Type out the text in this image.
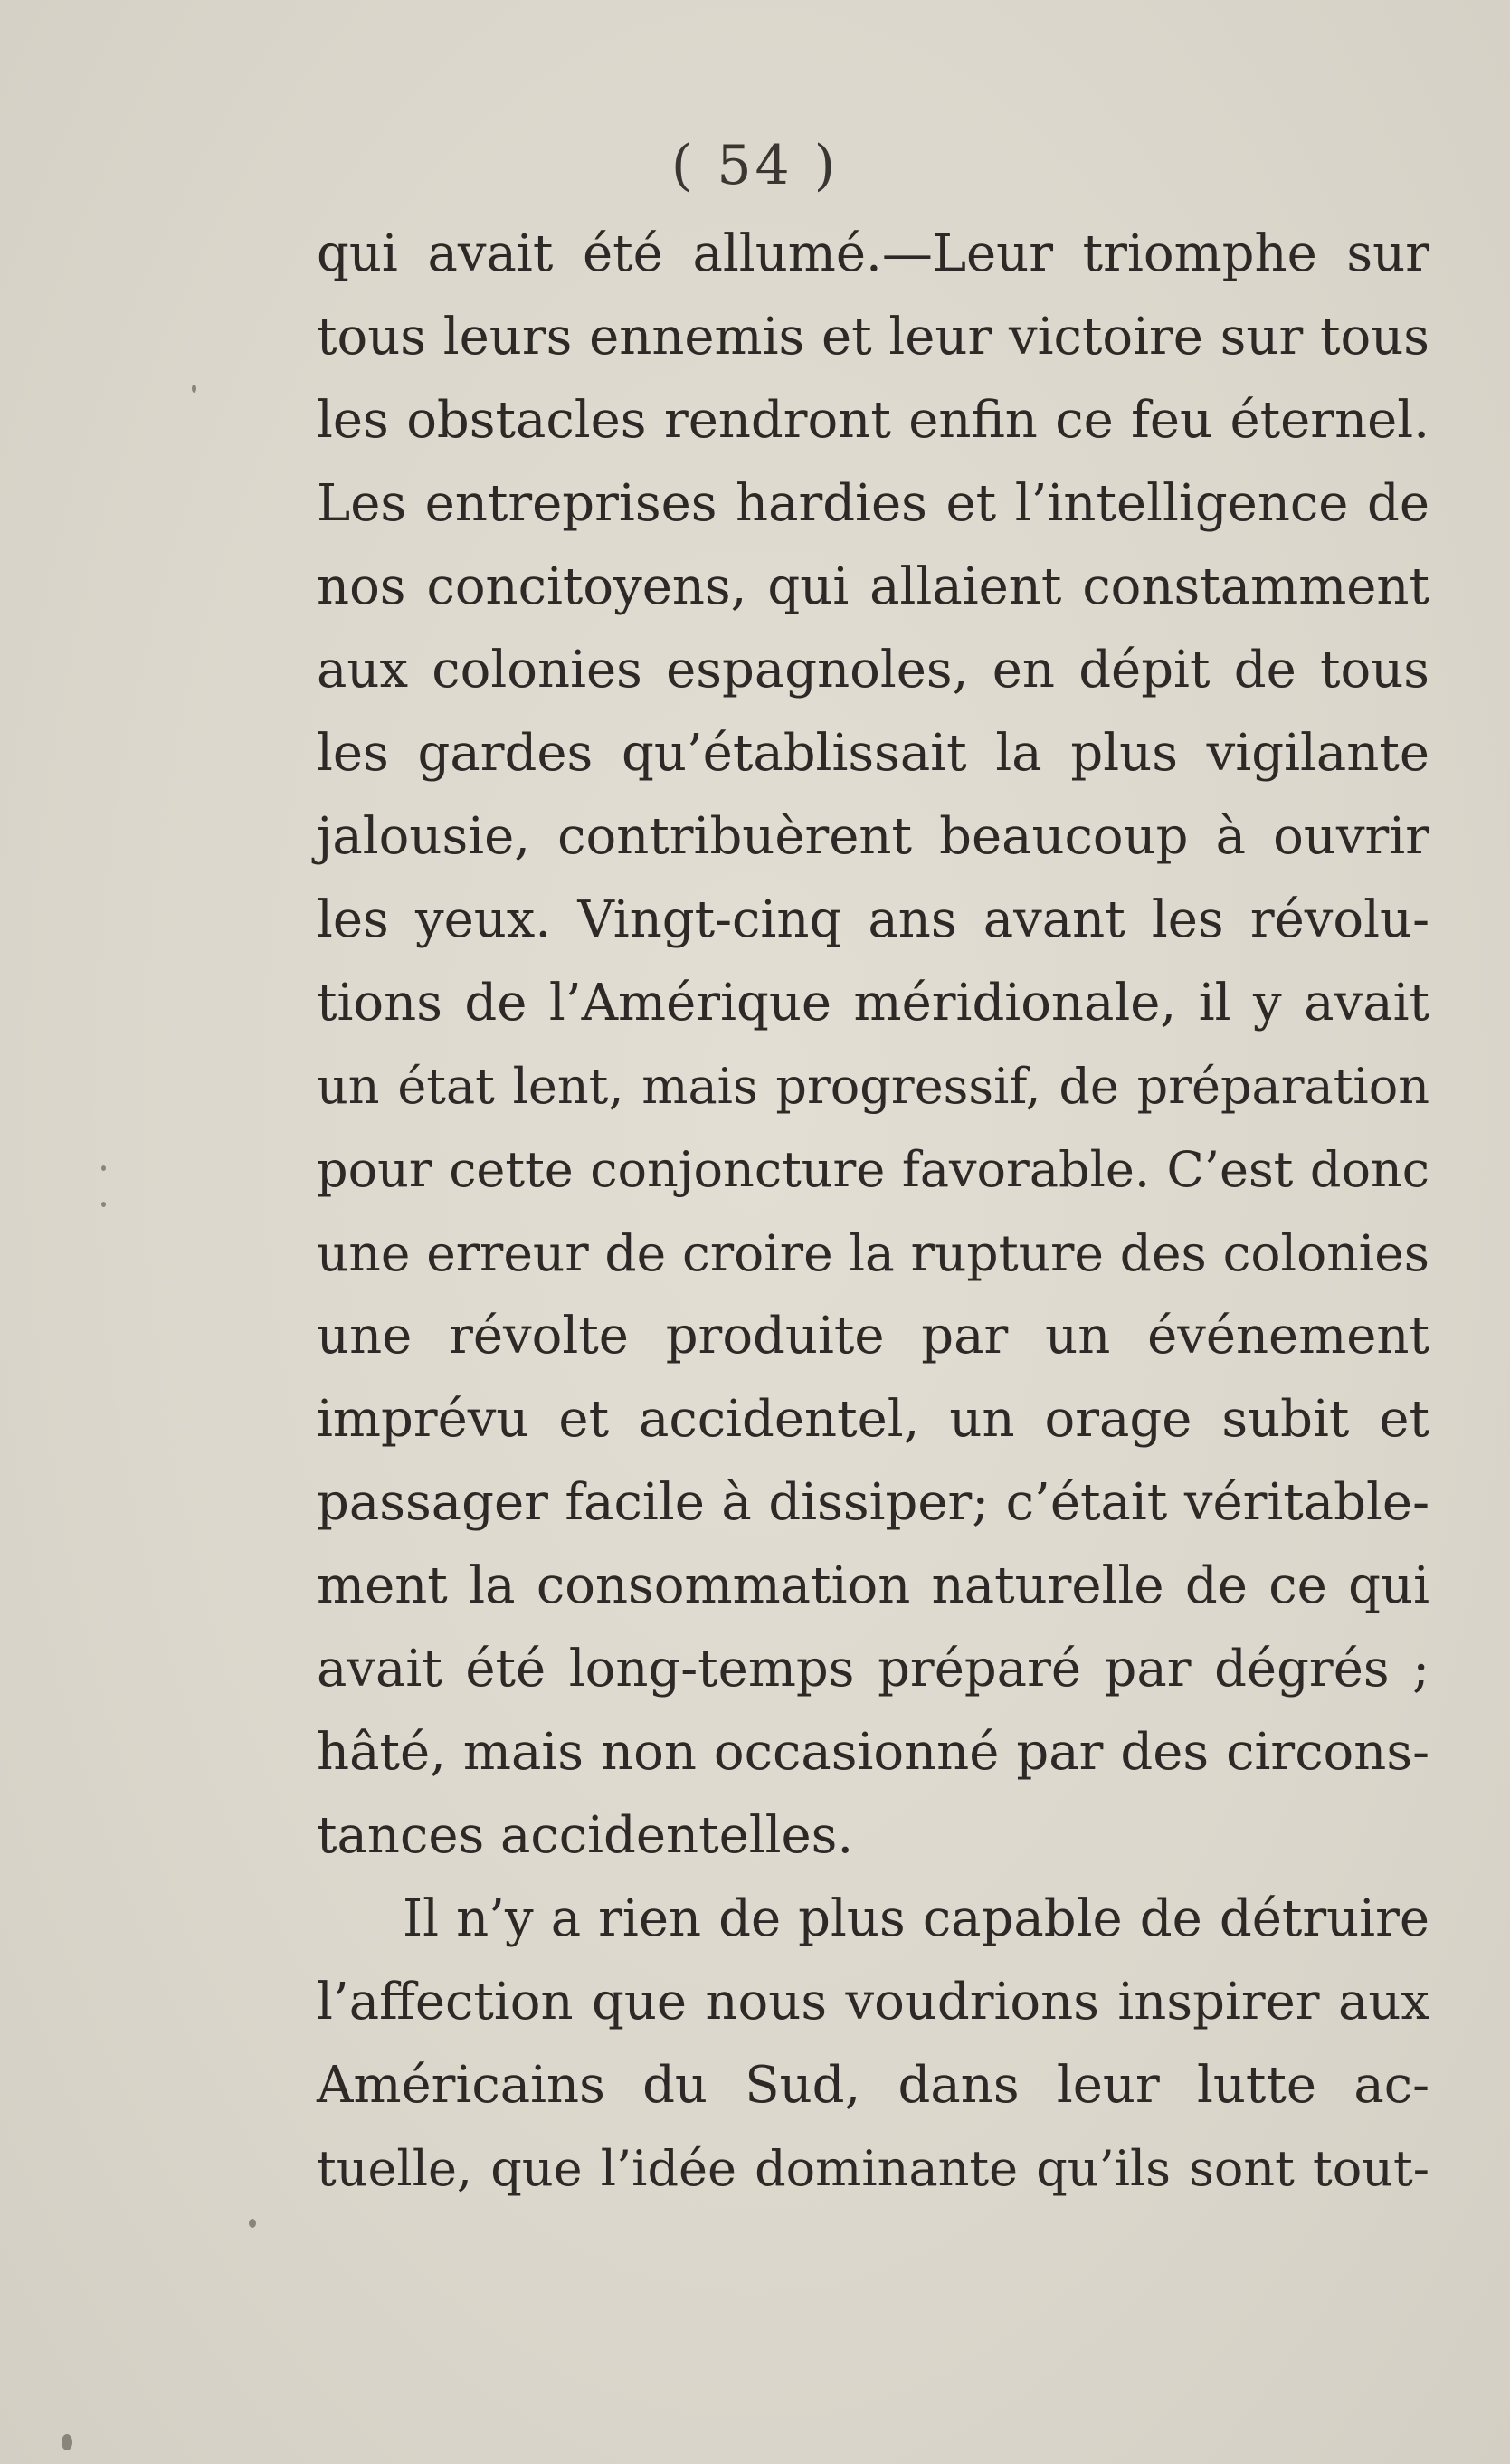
( 54 )
qui avait été allumé.—Leur triomphe sur
tous leurs ennemis et leur victoire sur tous
les obstacles rendront enfin ce feu éternel.
Les entreprises hardies et l’intelligence de
nos concitoyens, qui allaient constamment
aux colonies espagnoles, en dépit de tous
les gardes qu’établissait la plus vigilante
jalousie, contribuèrent beaucoup à ouvrir
les yeux. Vingt-cinq ans avant les révolu-
tions de l’Amérique méridionale, il y avait
un état lent, mais progressif, de préparation
pour cette conjoncture favorable. C’est donc
une erreur de croire la rupture des colonies
une révolte produite par un événement
imprévu et accidentel, un orage subit et
passager facile à dissiper; c’était véritable-
ment la consommation naturelle de ce qui
avait été long-temps préparé par dégrés ;
hâté, mais non occasionné par des circons-
tances accidentelles.
Il n’y a rien de plus capable de détruire
l’affection que nous voudrions inspirer aux
Américains du Sud, dans leur lutte ac-
tuelle, que l’idée dominante qu’ils sont tout-
